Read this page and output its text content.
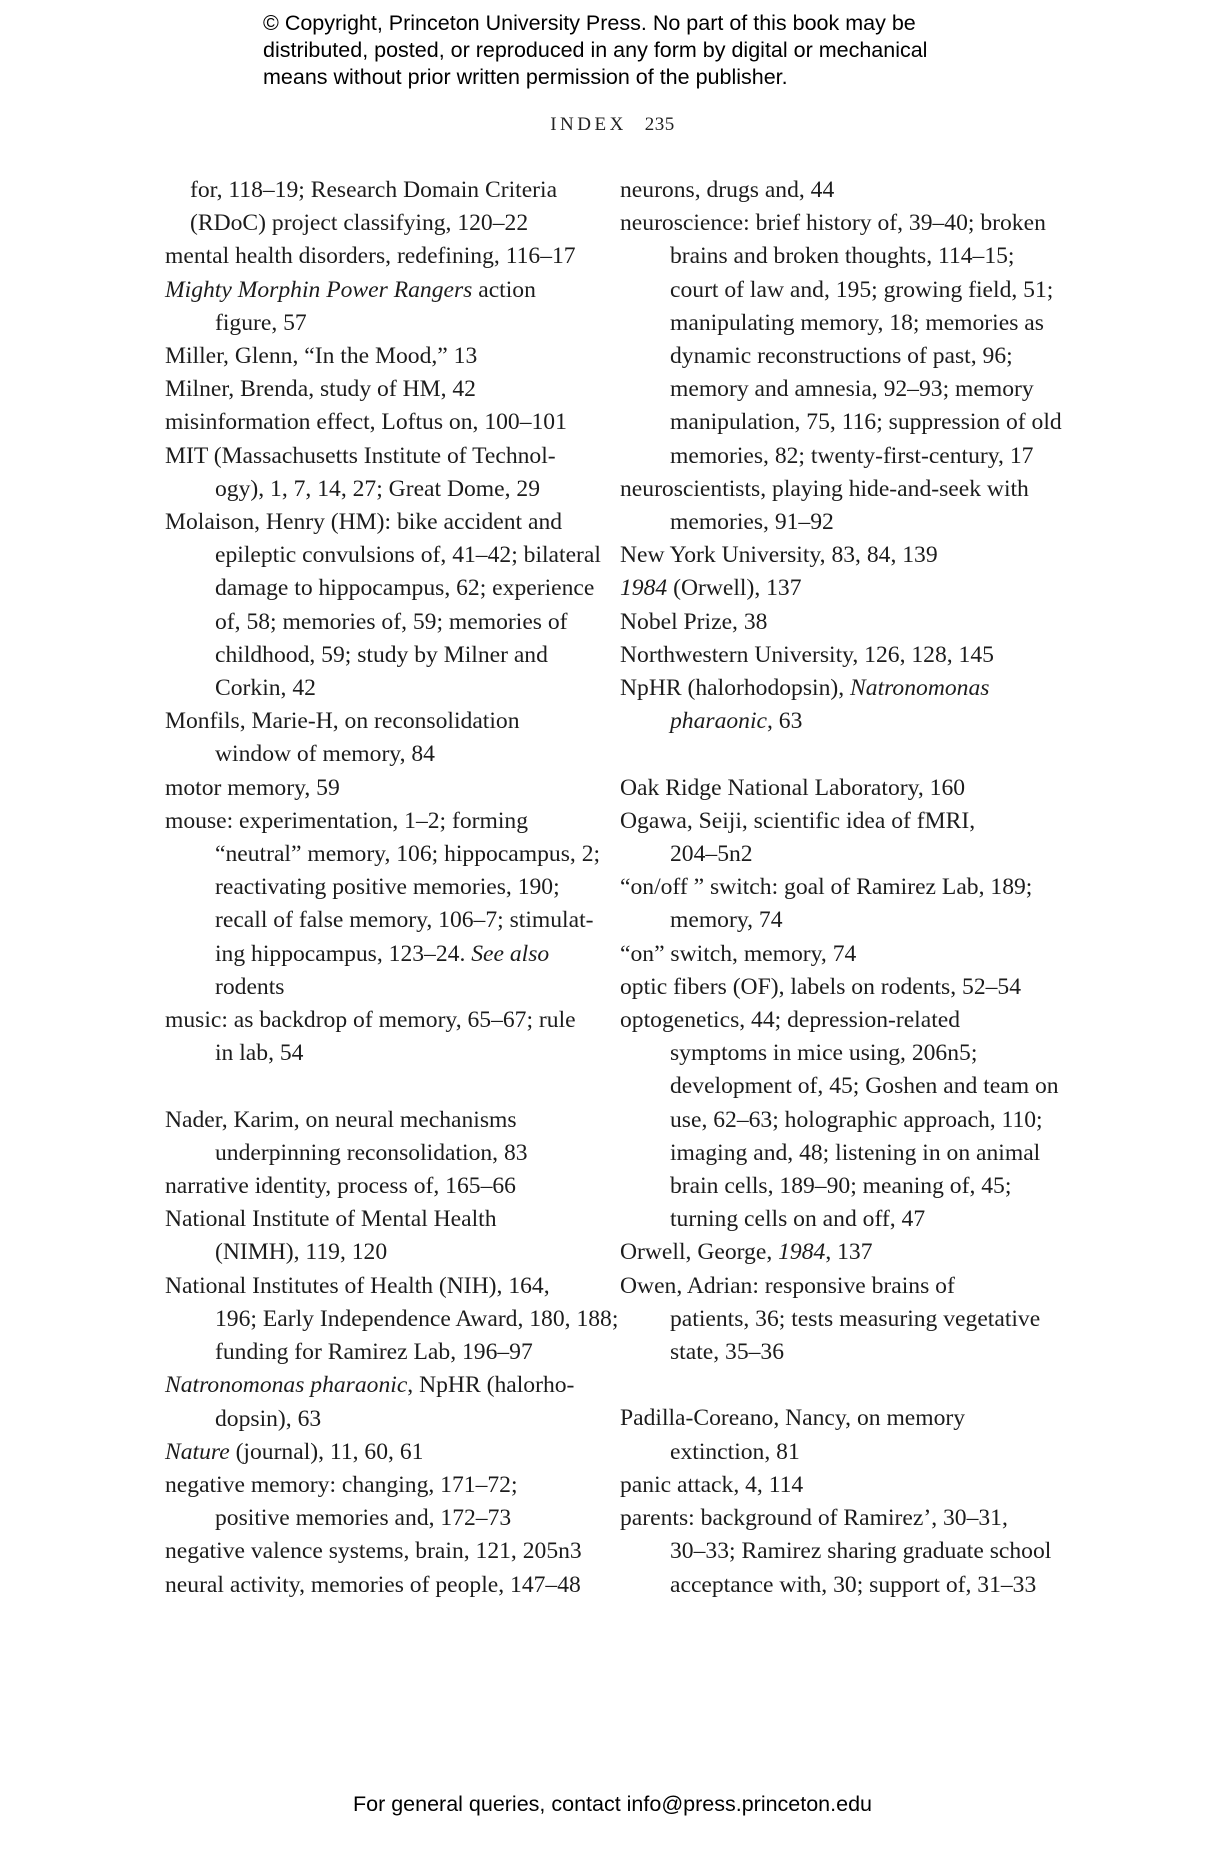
© Copyright, Princeton University Press. No part of this book may be
distributed, posted, or reproduced in any form by digital or mechanical
means without prior written permission of the publisher.
INDEX 235
for, 118–19; Research Domain Criteria
(RDoC) project classifying, 120–22
mental health disorders, redefining, 116–17
Mighty Morphin Power Rangers action
figure, 57
Miller, Glenn, “In the Mood,” 13
Milner, Brenda, study of HM, 42
misinformation effect, Loftus on, 100–101
MIT (Massachusetts Institute of Technol-
ogy), 1, 7, 14, 27; Great Dome, 29
Molaison, Henry (HM): bike accident and
epileptic convulsions of, 41–42; bilateral
damage to hippocampus, 62; experience
of, 58; memories of, 59; memories of
childhood, 59; study by Milner and
Corkin, 42
Monfils, Marie-H, on reconsolidation
window of memory, 84
motor memory, 59
mouse: experimentation, 1–2; forming
“neutral” memory, 106; hippocampus, 2;
reactivating positive memories, 190;
recall of false memory, 106–7; stimulat-
ing hippocampus, 123–24. See also
rodents
music: as backdrop of memory, 65–67; rule
in lab, 54
Nader, Karim, on neural mechanisms
underpinning reconsolidation, 83
narrative identity, process of, 165–66
National Institute of Mental Health
(NIMH), 119, 120
National Institutes of Health (NIH), 164,
196; Early Independence Award, 180, 188;
funding for Ramirez Lab, 196–97
Natronomonas pharaonic, NpHR (halorho-
dopsin), 63
Nature (journal), 11, 60, 61
negative memory: changing, 171–72;
positive memories and, 172–73
negative valence systems, brain, 121, 205n3
neural activity, memories of people, 147–48
neurons, drugs and, 44
neuroscience: brief history of, 39–40; broken
brains and broken thoughts, 114–15;
court of law and, 195; growing field, 51;
manipulating memory, 18; memories as
dynamic reconstructions of past, 96;
memory and amnesia, 92–93; memory
manipulation, 75, 116; suppression of old
memories, 82; twenty-first-century, 17
neuroscientists, playing hide-and-seek with
memories, 91–92
New York University, 83, 84, 139
1984 (Orwell), 137
Nobel Prize, 38
Northwestern University, 126, 128, 145
NpHR (halorhodopsin), Natronomonas
pharaonic, 63
Oak Ridge National Laboratory, 160
Ogawa, Seiji, scientific idea of fMRI,
204–5n2
“on/off ” switch: goal of Ramirez Lab, 189;
memory, 74
“on” switch, memory, 74
optic fibers (OF), labels on rodents, 52–54
optogenetics, 44; depression-related
symptoms in mice using, 206n5;
development of, 45; Goshen and team on
use, 62–63; holographic approach, 110;
imaging and, 48; listening in on animal
brain cells, 189–90; meaning of, 45;
turning cells on and off, 47
Orwell, George, 1984, 137
Owen, Adrian: responsive brains of
patients, 36; tests measuring vegetative
state, 35–36
Padilla-Coreano, Nancy, on memory
extinction, 81
panic attack, 4, 114
parents: background of Ramirez’, 30–31,
30–33; Ramirez sharing graduate school
acceptance with, 30; support of, 31–33
For general queries, contact info@press.princeton.edu
